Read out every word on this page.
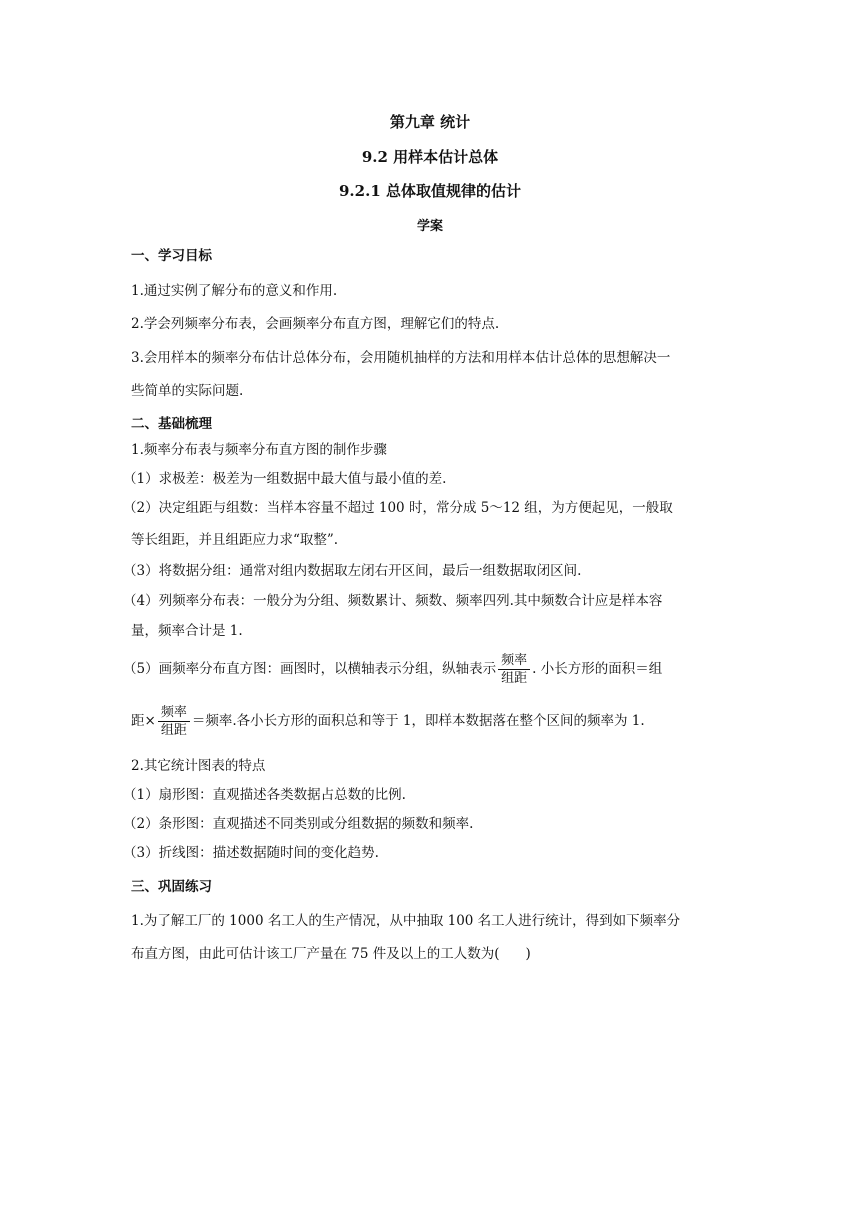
第九章 统计
9.2 用样本估计总体
9.2.1 总体取值规律的估计
学案
一、学习目标
1.通过实例了解分布的意义和作用.
2.学会列频率分布表，会画频率分布直方图，理解它们的特点.
3.会用样本的频率分布估计总体分布，会用随机抽样的方法和用样本估计总体的思想解决一
些简单的实际问题.
二、基础梳理
1.频率分布表与频率分布直方图的制作步骤
（1）求极差：极差为一组数据中最大值与最小值的差.
（2）决定组距与组数：当样本容量不超过 100 时，常分成 5～12 组，为方便起见，一般取
等长组距，并且组距应力求“取整”.
（3）将数据分组：通常对组内数据取左闭右开区间，最后一组数据取闭区间.
（4）列频率分布表：一般分为分组、频数累计、频数、频率四列.其中频数合计应是样本容
量，频率合计是 1.
（5）画频率分布直方图：画图时，以横轴表示分组，纵轴表示 $\frac{\text{频率}}{\text{组距}}$ . 小长方形的面积＝组
距× $\frac{\text{频率}}{\text{组距}}$ ＝频率.各小长方形的面积总和等于 1，即样本数据落在整个区间的频率为 1.
2.其它统计图表的特点
（1）扇形图：直观描述各类数据占总数的比例.
（2）条形图：直观描述不同类别或分组数据的频数和频率.
（3）折线图：描述数据随时间的变化趋势.
三、巩固练习
1.为了解工厂的 1000 名工人的生产情况，从中抽取 100 名工人进行统计，得到如下频率分
布直方图，由此可估计该工厂产量在 75 件及以上的工人数为( )
